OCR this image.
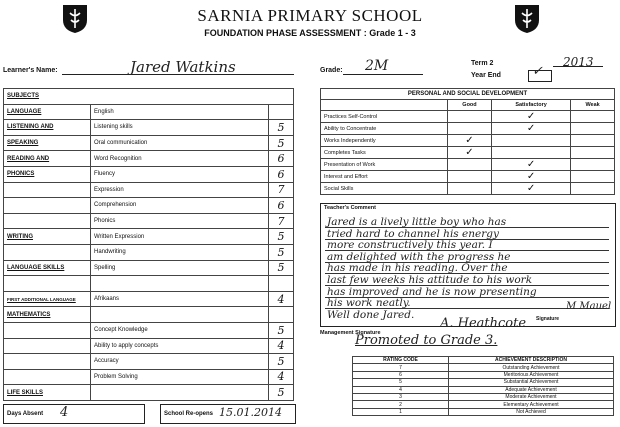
SARNIA PRIMARY SCHOOL
FOUNDATION PHASE ASSESSMENT : Grade 1 - 3
Learner's Name:	Jared Watkins	Grade: 2M	Term 2
Year End ✓
2013
SUBJECTS		
LANGUAGE	English	
LISTENING AND	Listening skills	5
SPEAKING	Oral communication	5
READING AND	Word Recognition	6
PHONICS	Fluency	6
	Expression	7
	Comprehension	6
	Phonics	7
WRITING	Written Expression	5
	Handwriting	5
LANGUAGE SKILLS	Spelling	5

FIRST ADDITIONAL LANGUAGE	Afrikaans	4
MATHEMATICS		
	Concept Knowledge	5
	Ability to apply concepts	4
	Accuracy	5
	Problem Solving	4
LIFE SKILLS		5
PERSONAL AND SOCIAL DEVELOPMENT			
	Good	Satisfactory	Weak
Practices Self-Control		✓	
Ability to Concentrate		✓	
Works Independently	✓		
Completes Tasks	✓		
Presentation of Work		✓	
Interest and Effort		✓	
Social Skills		✓	
Teacher's Comment
Jared is a lively little boy who has
tried hard to channel his energy
more constructively this year. I
am delighted with the progress he
has made in his reading. Over the
last few weeks his attitude to his work
has improved and he is now presenting
his work neatly.
Well done Jared.	Signature
M Mauel
Management Signature
A. Heathcote
Promoted to Grade 3.
RATING CODE	ACHIEVEMENT DESCRIPTION
7	Outstanding Achievement
6	Meritorious Achievement
5	Substantial Achievement
4	Adequate Achievement
3	Moderate Achievement
2	Elementary Achievement
1	Not Achieved
Days Absent 4	School Re-opens 15.01.2014
